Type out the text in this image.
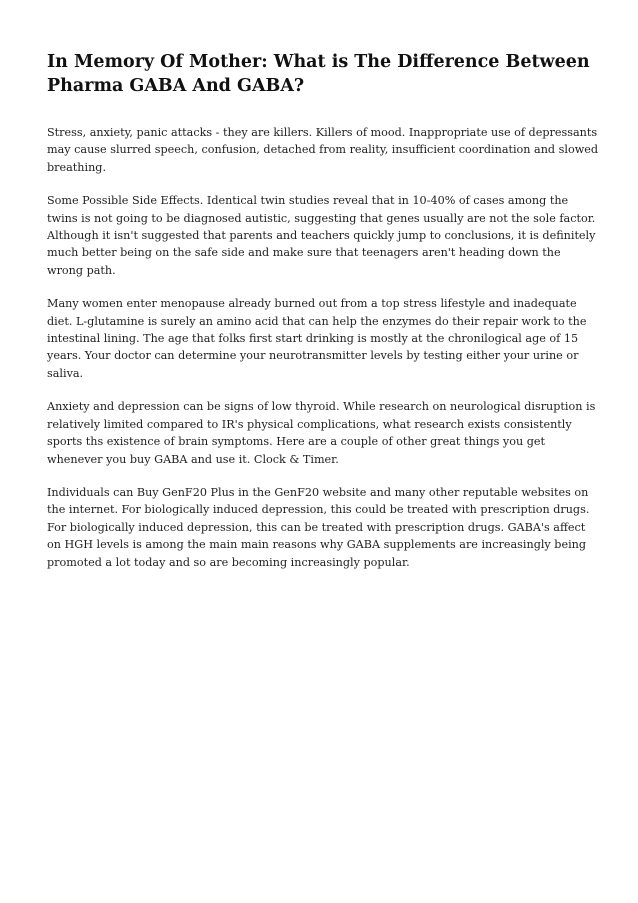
In Memory Of Mother: What is The Difference Between Pharma GABA And GABA?

Stress, anxiety, panic attacks - they are killers. Killers of mood. Inappropriate use of depressants may cause slurred speech, confusion, detached from reality, insufficient coordination and slowed breathing.

Some Possible Side Effects. Identical twin studies reveal that in 10-40% of cases among the twins is not going to be diagnosed autistic, suggesting that genes usually are not the sole factor. Although it isn't suggested that parents and teachers quickly jump to conclusions, it is definitely much better being on the safe side and make sure that teenagers aren't heading down the wrong path.

Many women enter menopause already burned out from a top stress lifestyle and inadequate diet. L-glutamine is surely an amino acid that can help the enzymes do their repair work to the intestinal lining. The age that folks first start drinking is mostly at the chronilogical age of 15 years. Your doctor can determine your neurotransmitter levels by testing either your urine or saliva.

Anxiety and depression can be signs of low thyroid. While research on neurological disruption is relatively limited compared to IR's physical complications, what research exists consistently sports ths existence of brain symptoms. Here are a couple of other great things you get whenever you buy GABA and use it. Clock & Timer.

Individuals can Buy GenF20 Plus in the GenF20 website and many other reputable websites on the internet. For biologically induced depression, this could be treated with prescription drugs. For biologically induced depression, this can be treated with prescription drugs. GABA's affect on HGH levels is among the main main reasons why GABA supplements are increasingly being promoted a lot today and so are becoming increasingly popular.
